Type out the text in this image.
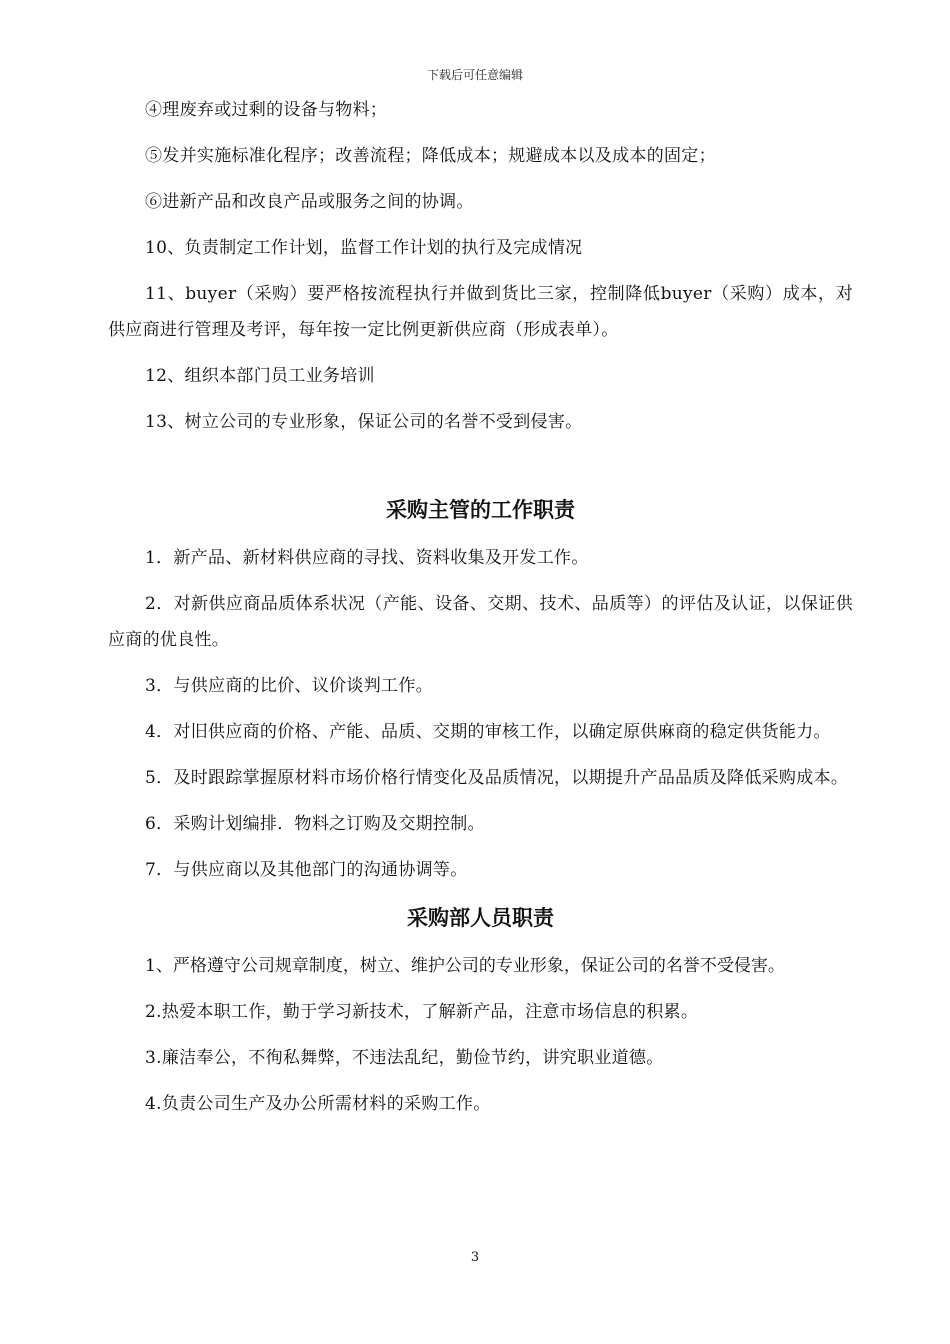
下载后可任意编辑

④理废弃或过剩的设备与物料；

⑤发并实施标准化程序；改善流程；降低成本；规避成本以及成本的固定；

⑥进新产品和改良产品或服务之间的协调。

10、负责制定工作计划，监督工作计划的执行及完成情况

11、buyer（采购）要严格按流程执行并做到货比三家，控制降低buyer（采购）成本，对供应商进行管理及考评，每年按一定比例更新供应商（形成表单）。

12、组织本部门员工业务培训

13、树立公司的专业形象，保证公司的名誉不受到侵害。

采购主管的工作职责

1．新产品、新材料供应商的寻找、资料收集及开发工作。

2．对新供应商品质体系状况（产能、设备、交期、技术、品质等）的评估及认证，以保证供应商的优良性。

3．与供应商的比价、议价谈判工作。

4．对旧供应商的价格、产能、品质、交期的审核工作，以确定原供麻商的稳定供货能力。

5．及时跟踪掌握原材料市场价格行情变化及品质情况，以期提升产品品质及降低采购成本。

6．采购计划编排．物料之订购及交期控制。

7．与供应商以及其他部门的沟通协调等。

采购部人员职责

1、严格遵守公司规章制度，树立、维护公司的专业形象，保证公司的名誉不受侵害。

2.热爱本职工作，勤于学习新技术，了解新产品，注意市场信息的积累。

3.廉洁奉公，不徇私舞弊，不违法乱纪，勤俭节约，讲究职业道德。

4.负责公司生产及办公所需材料的采购工作。

3
